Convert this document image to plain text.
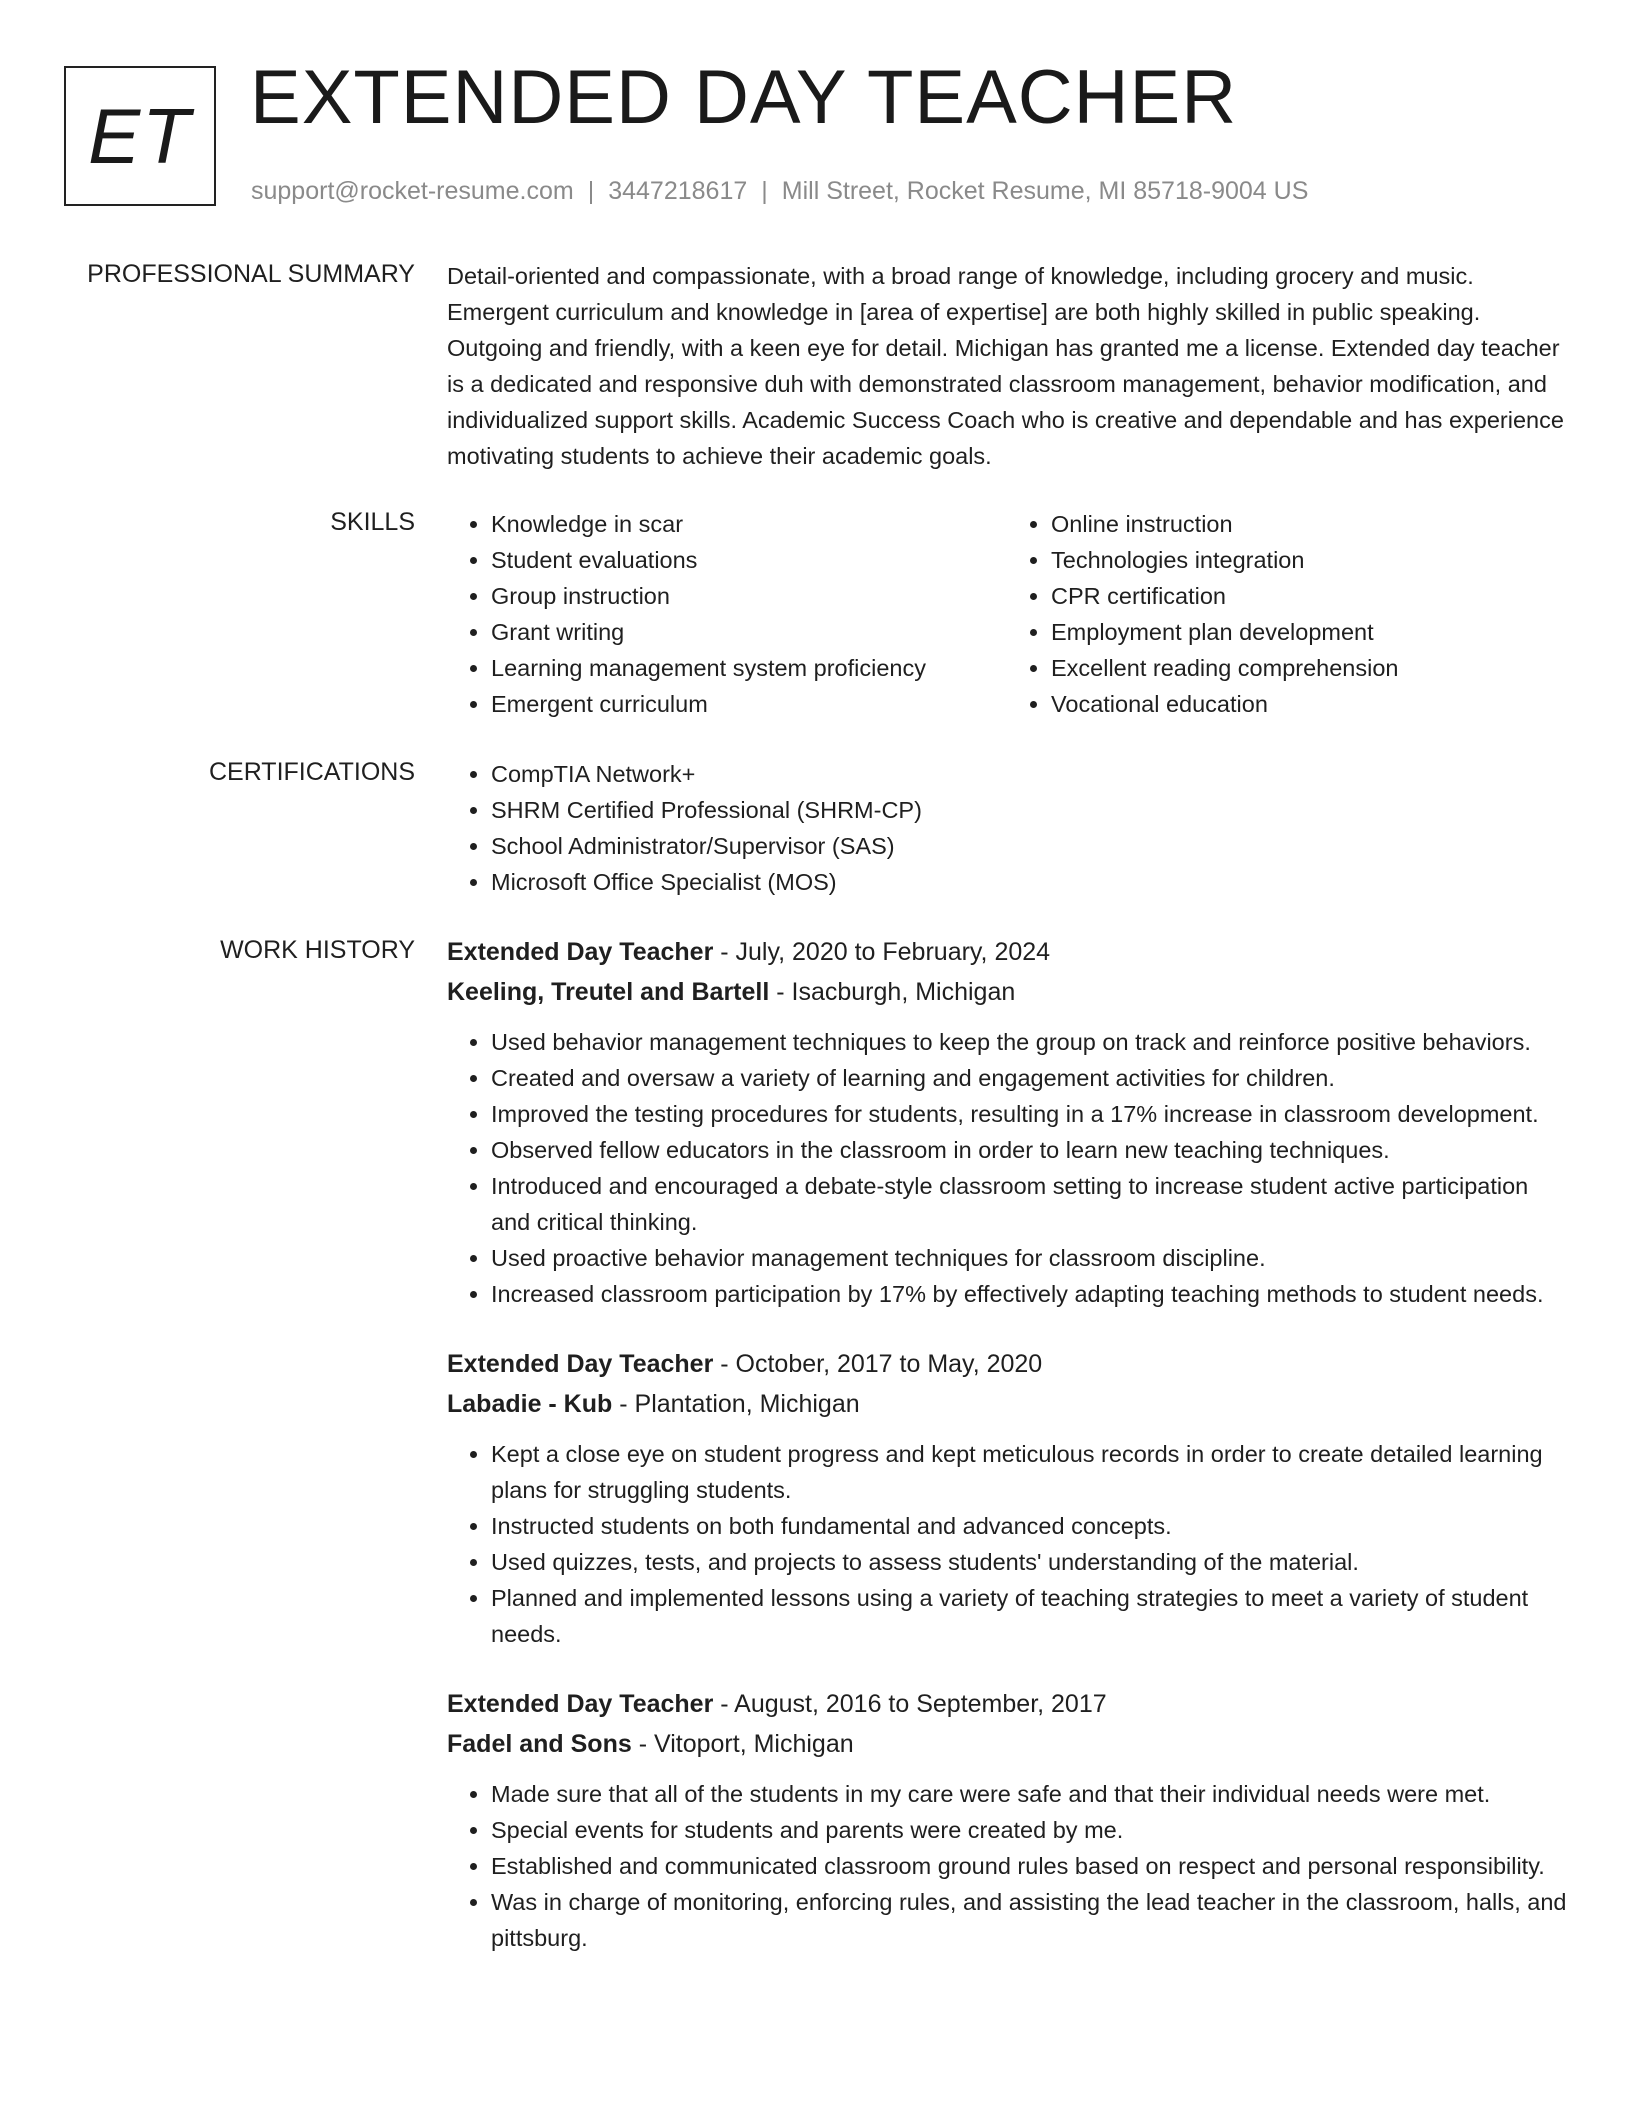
ET EXTENDED DAY TEACHER
support@rocket-resume.com | 3447218617 | Mill Street, Rocket Resume, MI 85718-9004 US
PROFESSIONAL SUMMARY Detail-oriented and compassionate, with a broad range of knowledge, including grocery and music. Emergent curriculum and knowledge in [area of expertise] are both highly skilled in public speaking. Outgoing and friendly, with a keen eye for detail. Michigan has granted me a license. Extended day teacher is a dedicated and responsive duh with demonstrated classroom management, behavior modification, and individualized support skills. Academic Success Coach who is creative and dependable and has experience motivating students to achieve their academic goals.

SKILLS	• Knowledge in scar
• Student evaluations
• Group instruction
• Grant writing
• Learning management system proficiency
• Emergent curriculum
• Online instruction
• Technologies integration
• CPR certification
• Employment plan development
• Excellent reading comprehension
• Vocational education
CERTIFICATIONS	• CompTIA Network+
• SHRM Certified Professional (SHRM-CP)
• School Administrator/Supervisor (SAS)
• Microsoft Office Specialist (MOS)
WORK HISTORY Extended Day Teacher - July, 2020 to February, 2024
Keeling, Treutel and Bartell - Isacburgh, Michigan
• Used behavior management techniques to keep the group on track and reinforce positive behaviors.
• Created and oversaw a variety of learning and engagement activities for children.
• Improved the testing procedures for students, resulting in a 17% increase in classroom development.
• Observed fellow educators in the classroom in order to learn new teaching techniques.
• Introduced and encouraged a debate-style classroom setting to increase student active participation and critical thinking.
• Used proactive behavior management techniques for classroom discipline.
• Increased classroom participation by 17% by effectively adapting teaching methods to student needs.
Extended Day Teacher - October, 2017 to May, 2020
Labadie - Kub - Plantation, Michigan
• Kept a close eye on student progress and kept meticulous records in order to create detailed learning plans for struggling students.
• Instructed students on both fundamental and advanced concepts.
• Used quizzes, tests, and projects to assess students' understanding of the material.
• Planned and implemented lessons using a variety of teaching strategies to meet a variety of student needs.
Extended Day Teacher - August, 2016 to September, 2017
Fadel and Sons - Vitoport, Michigan
• Made sure that all of the students in my care were safe and that their individual needs were met.
• Special events for students and parents were created by me.
• Established and communicated classroom ground rules based on respect and personal responsibility.
• Was in charge of monitoring, enforcing rules, and assisting the lead teacher in the classroom, halls, and pittsburg.
